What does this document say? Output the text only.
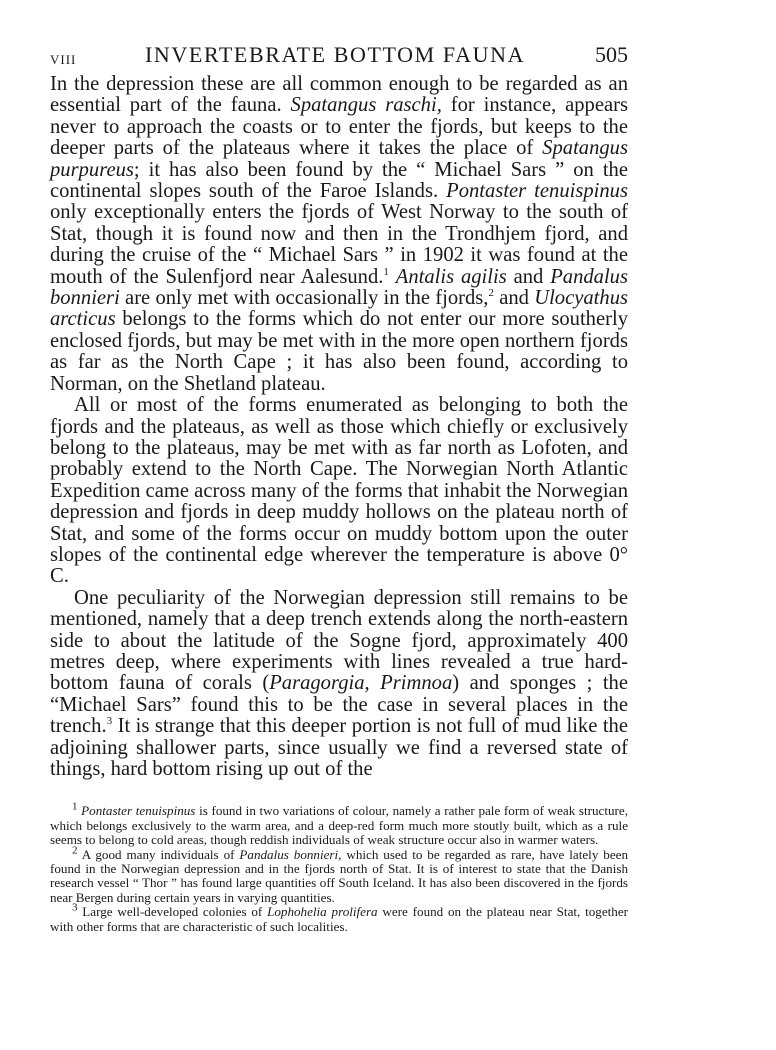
VIII	INVERTEBRATE BOTTOM FAUNA	505

In the depression these are all common enough to be regarded as an essential part of the fauna. Spatangus raschi, for instance, appears never to approach the coasts or to enter the fjords, but keeps to the deeper parts of the plateaus where it takes the place of Spatangus purpureus; it has also been found by the “ Michael Sars ” on the continental slopes south of the Faroe Islands. Pontaster tenuispinus only exceptionally enters the fjords of West Norway to the south of Stat, though it is found now and then in the Trondhjem fjord, and during the cruise of the “ Michael Sars ” in 1902 it was found at the mouth of the Sulenfjord near Aalesund.$^1$ Antalis agilis and Pandalus bonnieri are only met with occasionally in the fjords,$^2$ and Ulocyathus arcticus belongs to the forms which do not enter our more southerly enclosed fjords, but may be met with in the more open northern fjords as far as the North Cape ; it has also been found, according to Norman, on the Shetland plateau.

All or most of the forms enumerated as belonging to both the fjords and the plateaus, as well as those which chiefly or exclusively belong to the plateaus, may be met with as far north as Lofoten, and probably extend to the North Cape. The Norwegian North Atlantic Expedition came across many of the forms that inhabit the Norwegian depression and fjords in deep muddy hollows on the plateau north of Stat, and some of the forms occur on muddy bottom upon the outer slopes of the continental edge wherever the temperature is above 0° C.

One peculiarity of the Norwegian depression still remains to be mentioned, namely that a deep trench extends along the north-eastern side to about the latitude of the Sogne fjord, approximately 400 metres deep, where experiments with lines revealed a true hard-bottom fauna of corals (Paragorgia, Primnoa) and sponges ; the “Michael Sars” found this to be the case in several places in the trench.$^3$ It is strange that this deeper portion is not full of mud like the adjoining shallower parts, since usually we find a reversed state of things, hard bottom rising up out of the

$^1$ Pontaster tenuispinus is found in two variations of colour, namely a rather pale form of weak structure, which belongs exclusively to the warm area, and a deep-red form much more stoutly built, which as a rule seems to belong to cold areas, though reddish individuals of weak structure occur also in warmer waters.

$^2$ A good many individuals of Pandalus bonnieri, which used to be regarded as rare, have lately been found in the Norwegian depression and in the fjords north of Stat. It is of interest to state that the Danish research vessel “ Thor ” has found large quantities off South Iceland. It has also been discovered in the fjords near Bergen during certain years in varying quantities.

$^3$ Large well-developed colonies of Lophohelia prolifera were found on the plateau near Stat, together with other forms that are characteristic of such localities.
